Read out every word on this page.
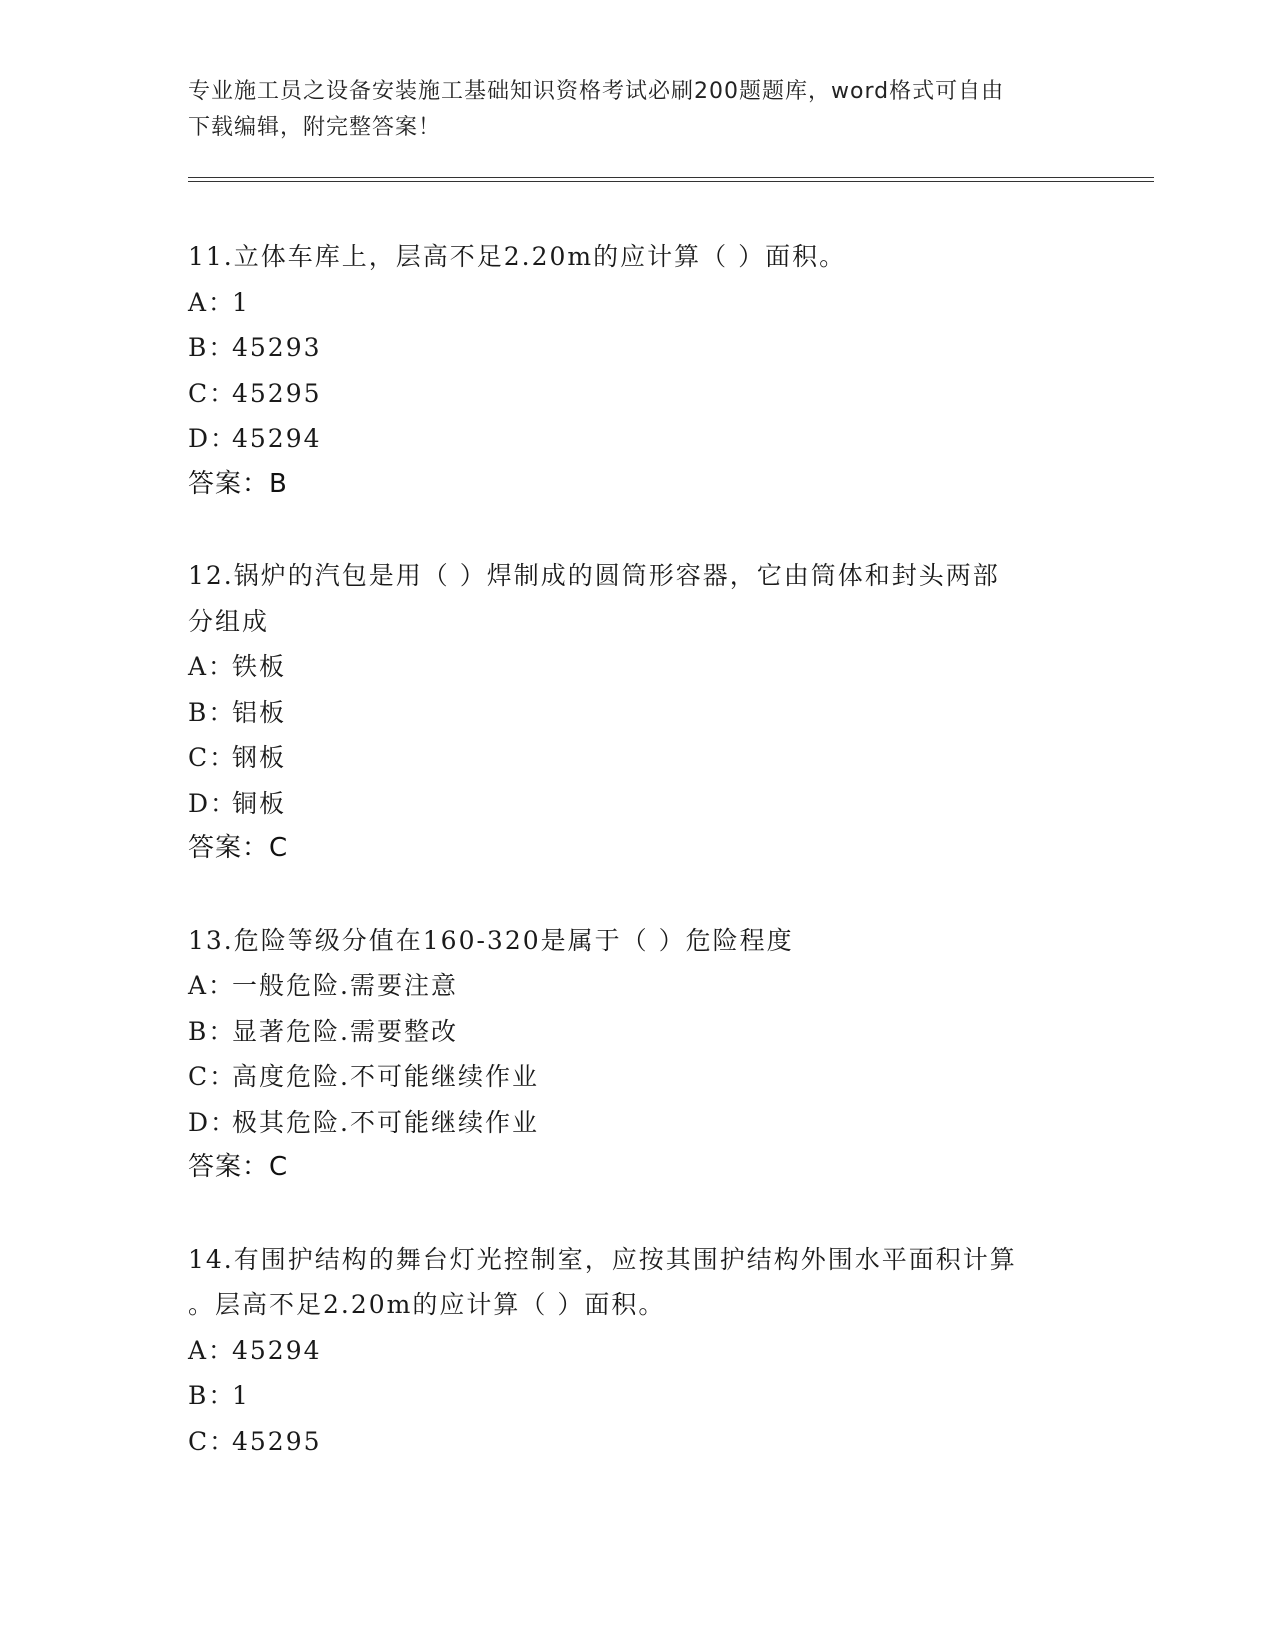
专业施工员之设备安装施工基础知识资格考试必刷200题题库，word格式可自由
下载编辑，附完整答案！
11.立体车库上，层高不足2.20m的应计算（ ）面积。
A：1
B：45293
C：45295
D：45294
答案：B
12.锅炉的汽包是用（ ）焊制成的圆筒形容器，它由筒体和封头两部
分组成
A：铁板
B：铝板
C：钢板
D：铜板
答案：C
13.危险等级分值在160-320是属于（ ）危险程度
A：一般危险.需要注意
B：显著危险.需要整改
C：高度危险.不可能继续作业
D：极其危险.不可能继续作业
答案：C
14.有围护结构的舞台灯光控制室，应按其围护结构外围水平面积计算
。层高不足2.20m的应计算（ ）面积。
A：45294
B：1
C：45295
